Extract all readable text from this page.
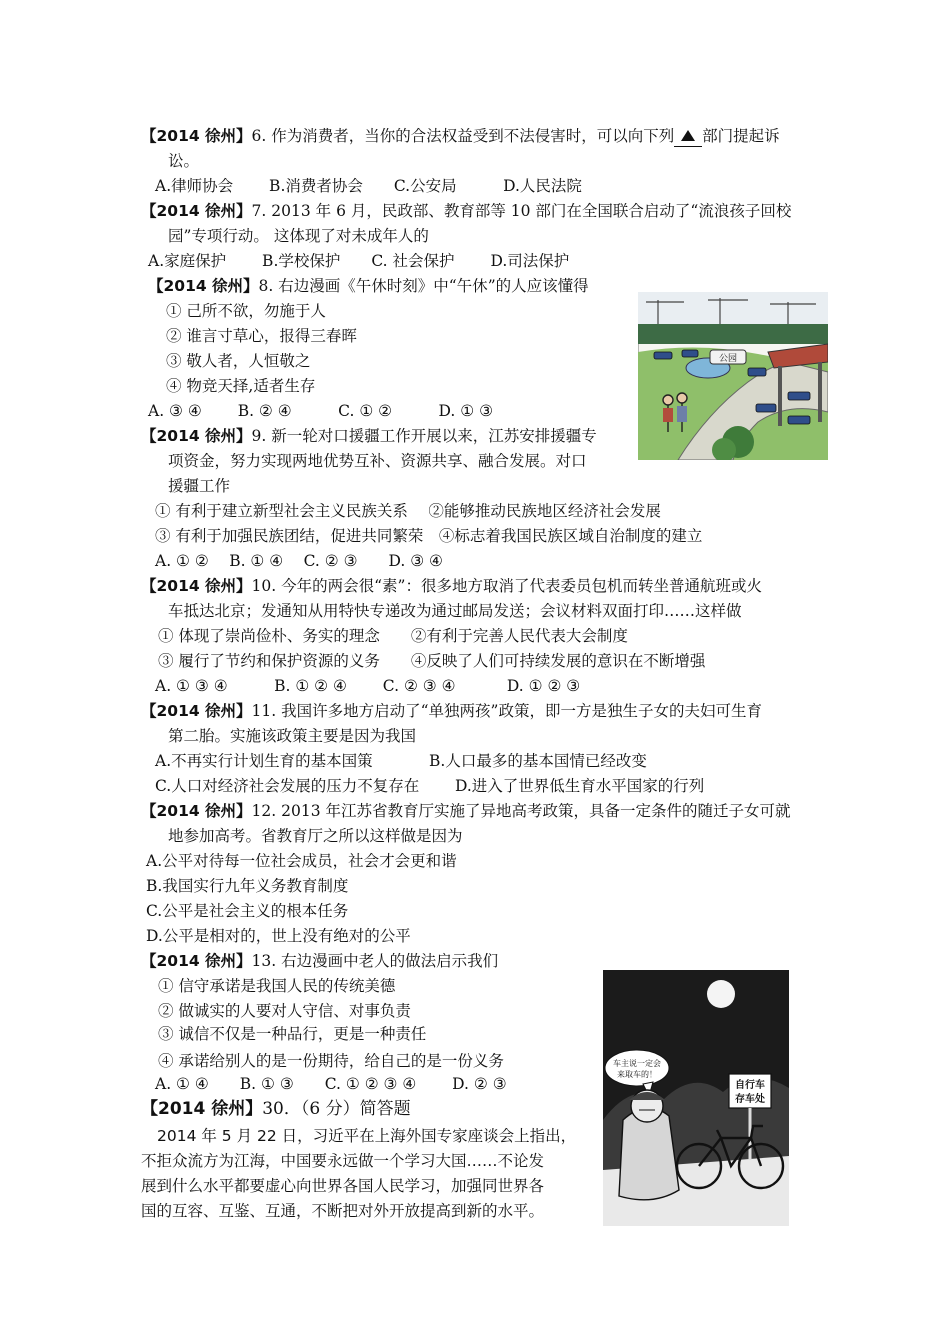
【2014 徐州】6. 作为消费者，当你的合法权益受到不法侵害时，可以向下列 部门提起诉
讼。
A.律师协会　　 B.消费者协会　　C.公安局　　　D.人民法院
【2014 徐州】7. 2013 年 6 月，民政部、教育部等 10 部门在全国联合启动了“流浪孩子回校
园”专项行动。 这体现了对未成年人的
A.家庭保护　　 B.学校保护　　C. 社会保护　　 D.司法保护
【2014 徐州】8. 右边漫画《午休时刻》中“午休”的人应该懂得
① 己所不欲，勿施于人
② 谁言寸草心，报得三春晖
③ 敬人者，人恒敬之
④ 物竞天择,适者生存
A. ③ ④　　 B. ② ④　　　C. ① ②　　　D. ① ③
公园
【2014 徐州】9. 新一轮对口援疆工作开展以来，江苏安排援疆专
项资金，努力实现两地优势互补、资源共享、融合发展。对口
援疆工作
① 有利于建立新型社会主义民族关系　 ②能够推动民族地区经济社会发展
③ 有利于加强民族团结，促进共同繁荣　④标志着我国民族区域自治制度的建立
A. ① ②　 B. ① ④　 C. ② ③　　D. ③ ④
【2014 徐州】10. 今年的两会很“素”：很多地方取消了代表委员包机而转坐普通航班或火
车抵达北京；发通知从用特快专递改为通过邮局发送；会议材料双面打印……这样做
① 体现了崇尚俭朴、务实的理念　　②有利于完善人民代表大会制度
③ 履行了节约和保护资源的义务　　④反映了人们可持续发展的意识在不断增强
A. ① ③ ④　　　B. ① ② ④　　 C. ② ③ ④　　　 D. ① ② ③
【2014 徐州】11. 我国许多地方启动了“单独两孩”政策，即一方是独生子女的夫妇可生育
第二胎。实施该政策主要是因为我国
A.不再实行计划生育的基本国策	B.人口最多的基本国情已经改变
C.人口对经济社会发展的压力不复存在 D.进入了世界低生育水平国家的行列
【2014 徐州】12. 2013 年江苏省教育厅实施了异地高考政策，具备一定条件的随迁子女可就
地参加高考。省教育厅之所以这样做是因为
A.公平对待每一位社会成员，社会才会更和谐
B.我国实行九年义务教育制度
C.公平是社会主义的根本任务
D.公平是相对的，世上没有绝对的公平
【2014 徐州】13. 右边漫画中老人的做法启示我们
① 信守承诺是我国人民的传统美德
② 做诚实的人要对人守信、对事负责
③ 诚信不仅是一种品行，更是一种责任
④ 承诺给别人的是一份期待，给自己的是一份义务
A. ① ④　　B. ① ③　　C. ① ② ③ ④　　 D. ② ③
车主说一定会
来取车的！
自行车
存车处
【2014 徐州】30．（6 分）简答题
2014 年 5 月 22 日，习近平在上海外国专家座谈会上指出，
不拒众流方为江海，中国要永远做一个学习大国……不论发
展到什么水平都要虚心向世界各国人民学习，加强同世界各
国的互容、互鉴、互通，不断把对外开放提高到新的水平。
